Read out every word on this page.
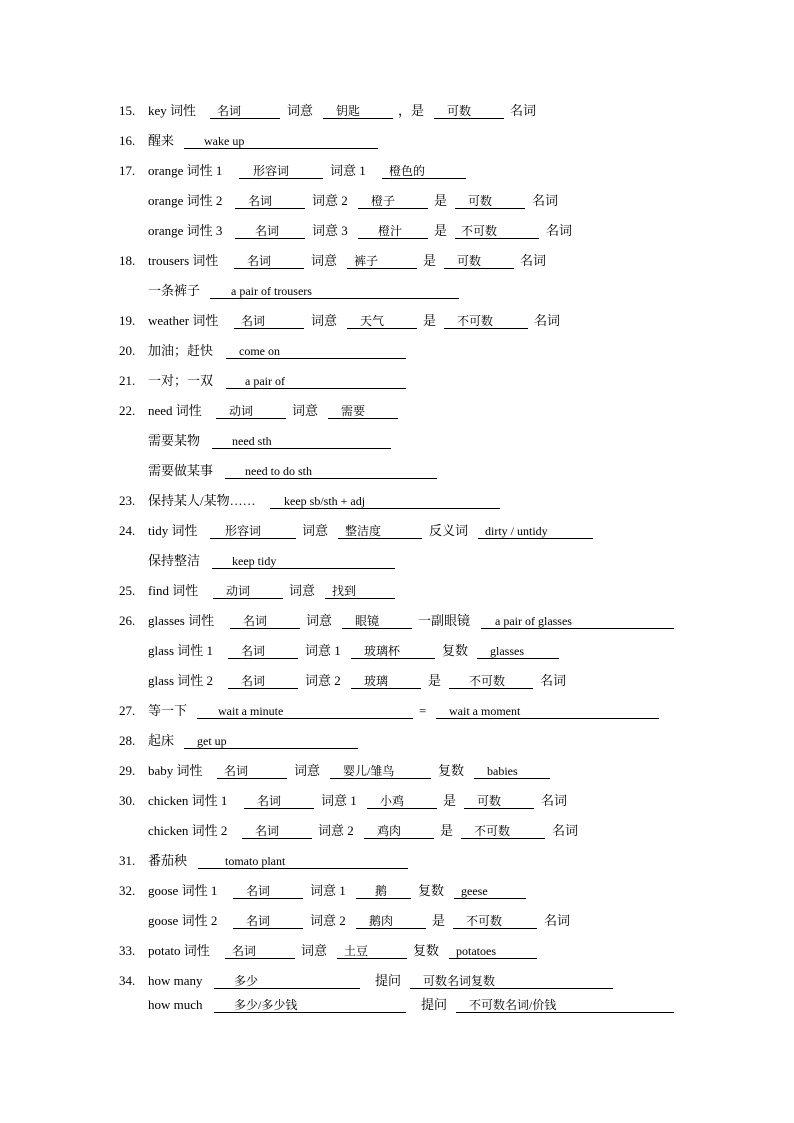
15. key 词性	名词	词意	钥匙	，是	可数	名词
16. 醒来	wake up
17. orange 词性 1	形容词	词意 1	橙色的
orange 词性 2	名词	词意 2	橙子	是	可数	名词
orange 词性 3	名词	词意 3	橙汁	是	不可数	名词
18. trousers 词性	名词	词意	裤子	是	可数	名词
一条裤子	a pair of trousers
19. weather 词性	名词	词意	天气	是	不可数	名词
20. 加油；赶快	come on
21. 一对；一双	a pair of
22. need 词性	动词	词意	需要
需要某物	need sth
需要做某事	need to do sth
23. 保持某人/某物……	keep sb/sth + adj
24. tidy 词性	形容词	词意	整洁度	反义词	dirty / untidy
保持整洁	keep tidy
25. find 词性	动词	词意	找到
26. glasses 词性	名词	词意	眼镜	一副眼镜	a pair of glasses
glass 词性 1	名词	词意 1	玻璃杯	复数	glasses
glass 词性 2	名词	词意 2	玻璃	是	不可数	名词
27. 等一下	wait a minute	=	wait a moment
28. 起床	get up
29. baby 词性	名词	词意	婴儿/雏鸟	复数	babies
30. chicken 词性 1	名词	词意 1	小鸡	是	可数	名词
chicken 词性 2	名词	词意 2	鸡肉	是	不可数	名词
31. 番茄秧	tomato plant
32. goose 词性 1	名词	词意 1	鹅	复数	geese
goose 词性 2	名词	词意 2	鹅肉	是	不可数	名词
33. potato 词性	名词	词意	土豆	复数	potatoes
34. how many	多少	提问	可数名词复数
how much	多少/多少钱	提问	不可数名词/价钱
